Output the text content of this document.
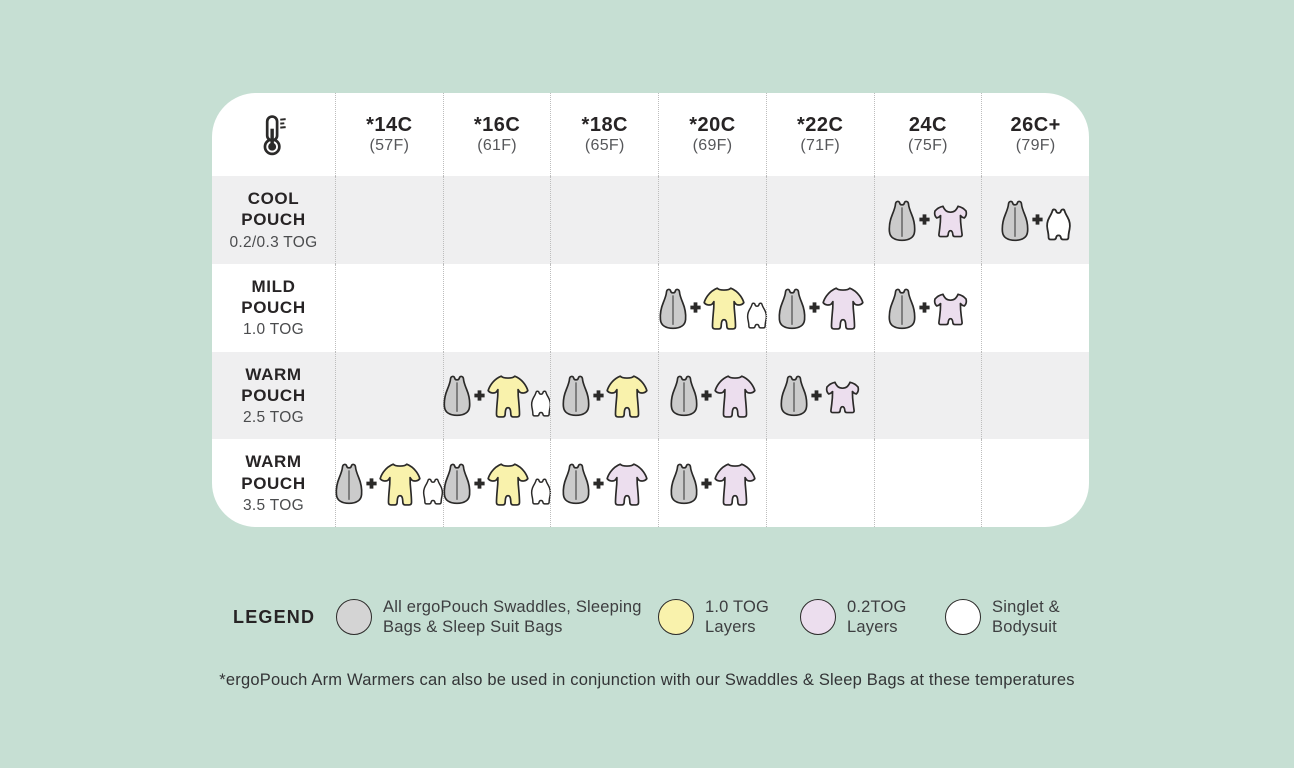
*14C
(57F)
*16C
(61F)
*18C
(65F)
*20C
(69F)
*22C
(71F)
24C
(75F)
26C+
(79F)
COOL POUCH
0.2/0.3 TOG
MILD POUCH
1.0 TOG
WARM POUCH
2.5 TOG
WARM POUCH
3.5 TOG
LEGEND
All ergoPouch Swaddles, Sleeping Bags & Sleep Suit Bags
1.0 TOG Layers
0.2TOG Layers
Singlet & Bodysuit
*ergoPouch Arm Warmers can also be used in conjunction with our Swaddles & Sleep Bags at these temperatures
